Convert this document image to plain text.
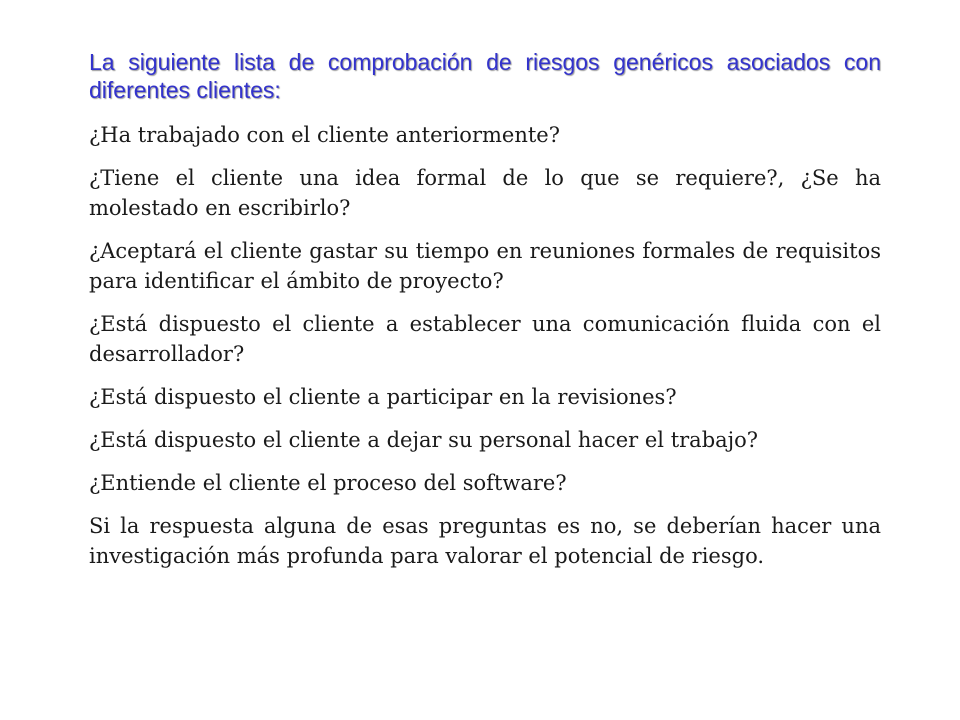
La siguiente lista de comprobación de riesgos genéricos asociados con diferentes clientes:

¿Ha trabajado con el cliente anteriormente?

¿Tiene el cliente una idea formal de lo que se requiere?, ¿Se ha molestado en escribirlo?

¿Aceptará el cliente gastar su tiempo en reuniones formales de requisitos para identificar el ámbito de proyecto?

¿Está dispuesto el cliente a establecer una comunicación fluida con el desarrollador?

¿Está dispuesto el cliente a participar en la revisiones?

¿Está dispuesto el cliente a dejar su personal hacer el trabajo?

¿Entiende el cliente el proceso del software?

Si la respuesta alguna de esas preguntas es no, se deberían hacer una investigación más profunda para valorar el potencial de riesgo.
